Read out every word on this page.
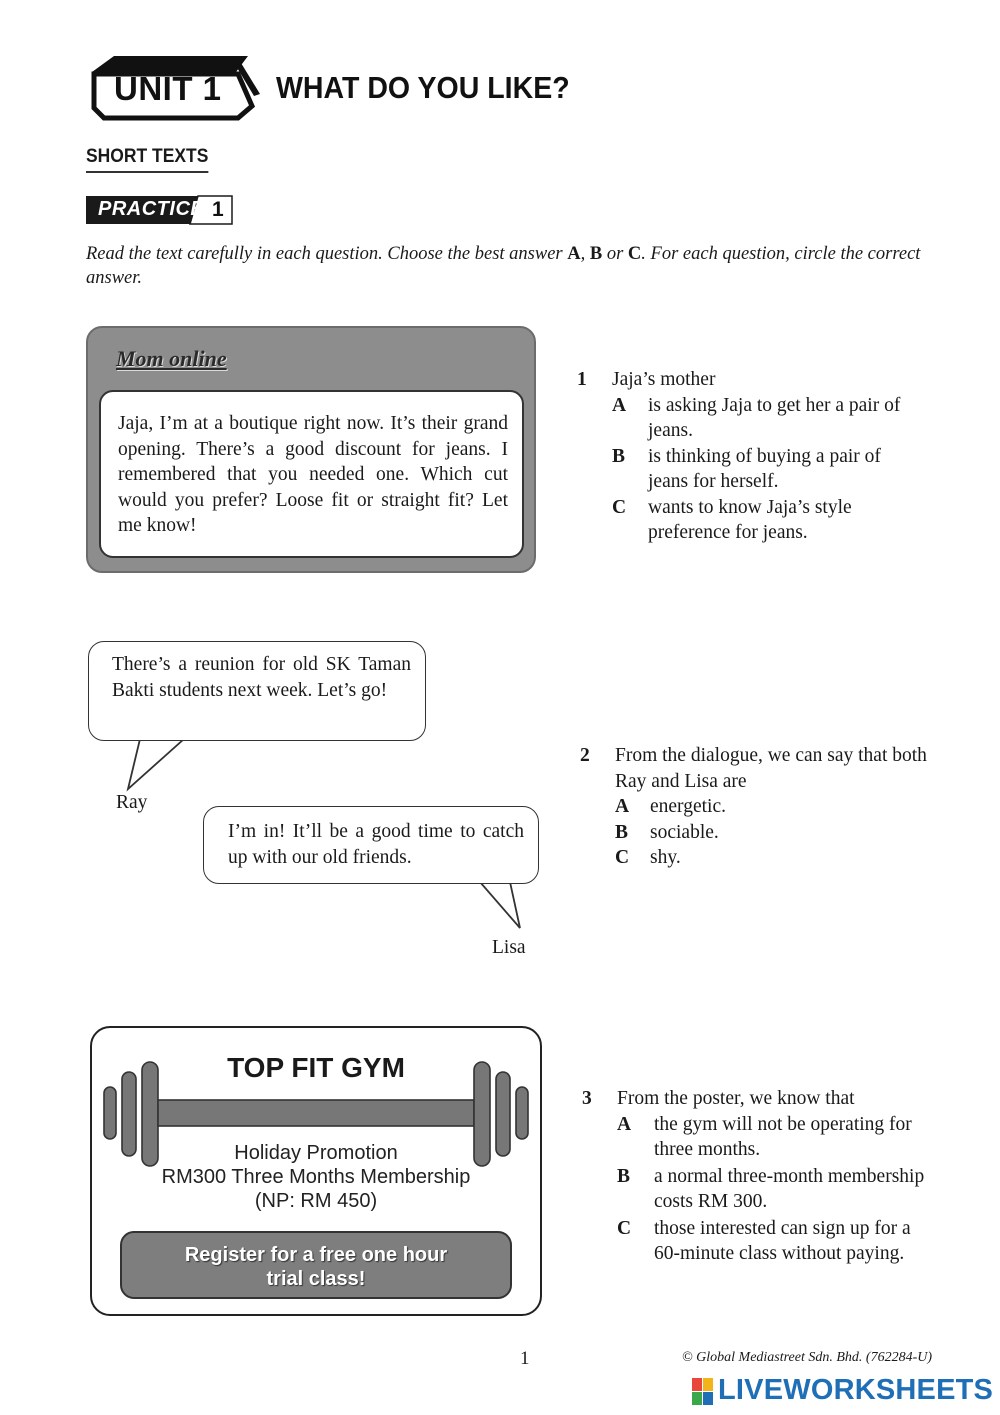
UNIT 1 WHAT DO YOU LIKE?
SHORT TEXTS
PRACTICE 1
Read the text carefully in each question. Choose the best answer A, B or C. For each question, circle the correct answer.
Mom online
Jaja, I’m at a boutique right now. It’s their grand opening. There’s a good discount for jeans. I remembered that you needed one. Which cut would you prefer? Loose fit or straight fit? Let me know!
1 Jaja’s mother
A is asking Jaja to get her a pair of
jeans.
B is thinking of buying a pair of
jeans for herself.
C wants to know Jaja’s style
preference for jeans.
There’s a reunion for old SK Taman Bakti students next week. Let’s go!
Ray
I’m in! It’ll be a good time to catch up with our old friends.
Lisa
2 From the dialogue, we can say that both
Ray and Lisa are
A energetic.
B sociable.
C shy.
TOP FIT GYM
Holiday Promotion
RM300 Three Months Membership
(NP: RM 450)
Register for a free one hour
trial class!
3 From the poster, we know that
A the gym will not be operating for
three months.
B a normal three-month membership
costs RM 300.
C those interested can sign up for a
60-minute class without paying.
1	© Global Mediastreet Sdn. Bhd. (762284-U)
LIVEWORKSHEETS
